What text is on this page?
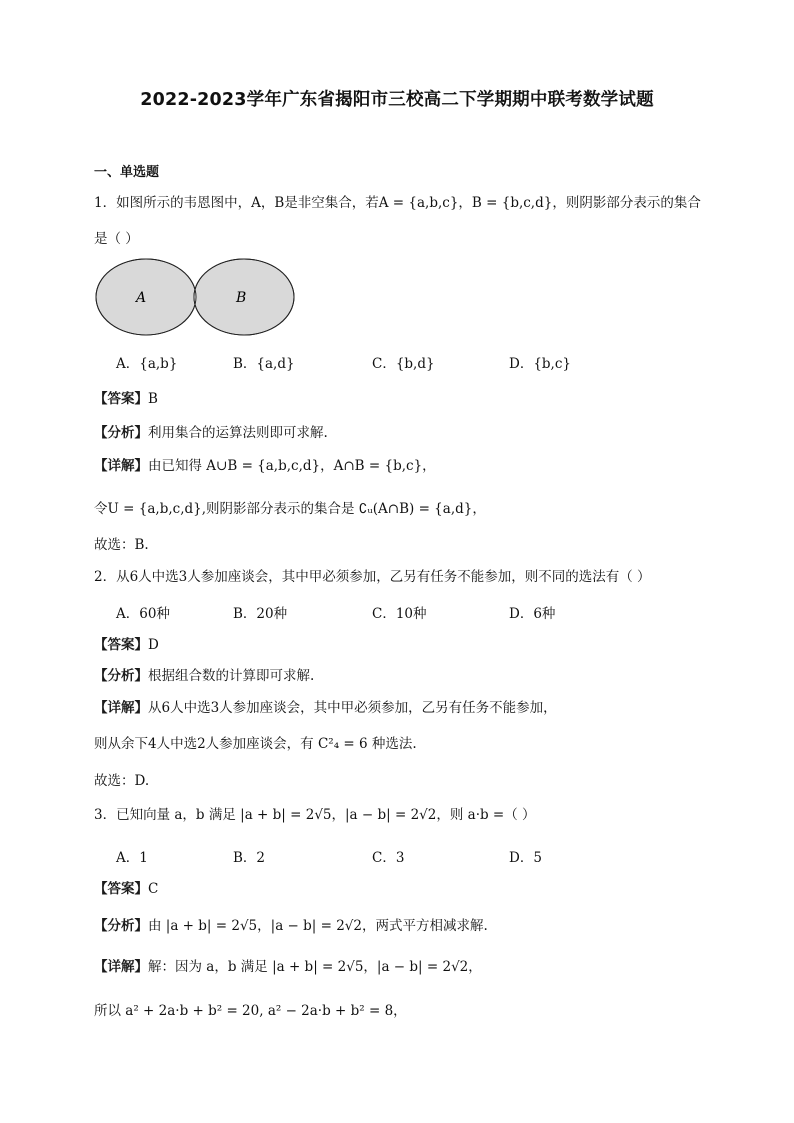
2022-2023学年广东省揭阳市三校高二下学期期中联考数学试题
一、单选题
1．如图所示的韦恩图中，A，B是非空集合，若A = {a,b,c}，B = {b,c,d}，则阴影部分表示的集合
是（ ）
A	B
A．{a,b}	B．{a,d}	C．{b,d}	D．{b,c}
【答案】B
【分析】利用集合的运算法则即可求解.
【详解】由已知得 A∪B = {a,b,c,d}，A∩B = {b,c}，
令U = {a,b,c,d},则阴影部分表示的集合是 ∁ᵤ(A∩B) = {a,d}，
故选：B.
2．从6人中选3人参加座谈会，其中甲必须参加，乙另有任务不能参加，则不同的选法有（ ）
A．60种	B．20种	C．10种	D．6种
【答案】D
【分析】根据组合数的计算即可求解.
【详解】从6人中选3人参加座谈会，其中甲必须参加，乙另有任务不能参加，
则从余下4人中选2人参加座谈会，有 C²₄ = 6 种选法.
故选：D.
3．已知向量 a，b 满足 |a + b| = 2√5，|a − b| = 2√2，则 a·b =（ ）
A．1	B．2	C．3	D．5
【答案】C
【分析】由 |a + b| = 2√5，|a − b| = 2√2，两式平方相减求解.
【详解】解：因为 a，b 满足 |a + b| = 2√5，|a − b| = 2√2，
所以 a² + 2a·b + b² = 20, a² − 2a·b + b² = 8，
